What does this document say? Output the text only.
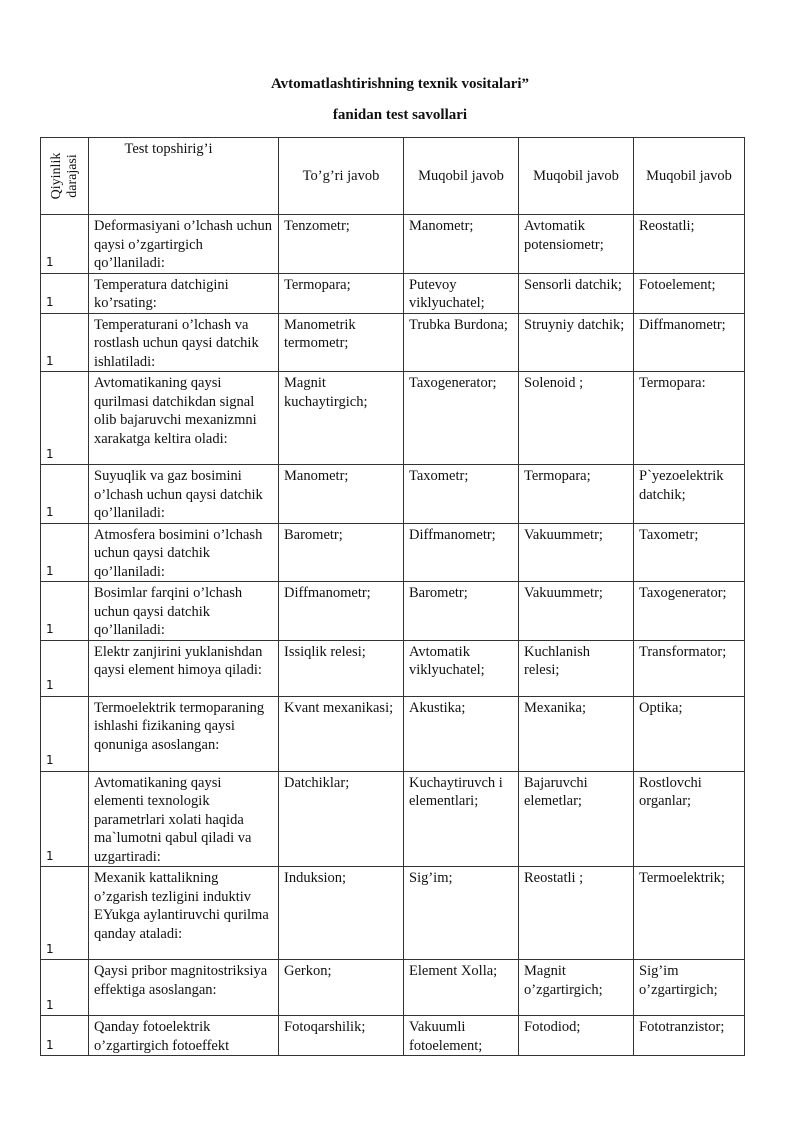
Avtomatlashtirishning texnik vositalari”
fanidan test savollari
Qiyinlik darajasi	Test topshirig’i	To’g’ri javob	Muqobil javob	Muqobil javob	Muqobil javob
1	Deformasiyani o’lchash uchun qaysi o’zgartirgich qo’llaniladi:	Tenzometr;	Manometr;	Avtomatik potensiometr;	Reostatli;
1	Temperatura datchigini ko’rsating:	Termopara;	Putevoy viklyuchatel;	Sensorli datchik;	Fotoelement;
1	Temperaturani o’lchash va rostlash uchun qaysi datchik ishlatiladi:	Manometrik termometr;	Trubka Burdona;	Struyniy datchik;	Diffmanometr;
1	Avtomatikaning qaysi qurilmasi datchikdan signal olib bajaruvchi mexanizmni xarakatga keltira oladi:	Magnit kuchaytirgich;	Taxogenerator;	Solenoid ;	Termopara:
1	Suyuqlik va gaz bosimini o’lchash uchun qaysi datchik qo’llaniladi:	Manometr;	Taxometr;	Termopara;	P`yezoelektrik datchik;
1	Atmosfera bosimini o’lchash uchun qaysi datchik qo’llaniladi:	Barometr;	Diffmanometr;	Vakuummetr;	Taxometr;
1	Bosimlar farqini o’lchash uchun qaysi datchik qo’llaniladi:	Diffmanometr;	Barometr;	Vakuummetr;	Taxogenerator;
1	Elektr zanjirini yuklanishdan qaysi element himoya qiladi:	Issiqlik relesi;	Avtomatik viklyuchatel;	Kuchlanish relesi;	Transformator;
1	Termoelektrik termoparaning ishlashi fizikaning qaysi qonuniga asoslangan:	Kvant mexanikasi;	Akustika;	Mexanika;	Optika;
1	Avtomatikaning qaysi elementi texnologik parametrlari xolati haqida ma`lumotni qabul qiladi va uzgartiradi:	Datchiklar;	Kuchaytiruvch i elementlari;	Bajaruvchi elemetlar;	Rostlovchi organlar;
1	Mexanik kattalikning o’zgarish tezligini induktiv EYukga aylantiruvchi qurilma qanday ataladi:	Induksion;	Sig’im;	Reostatli ;	Termoelektrik;
1	Qaysi pribor magnitostriksiya effektiga asoslangan:	Gerkon;	Element Xolla;	Magnit o’zgartirgich;	Sig’im o’zgartirgich;
1	Qanday fotoelektrik o’zgartirgich fotoeffekt	Fotoqarshilik;	Vakuumli fotoelement;	Fotodiod;	Fototranzistor;
